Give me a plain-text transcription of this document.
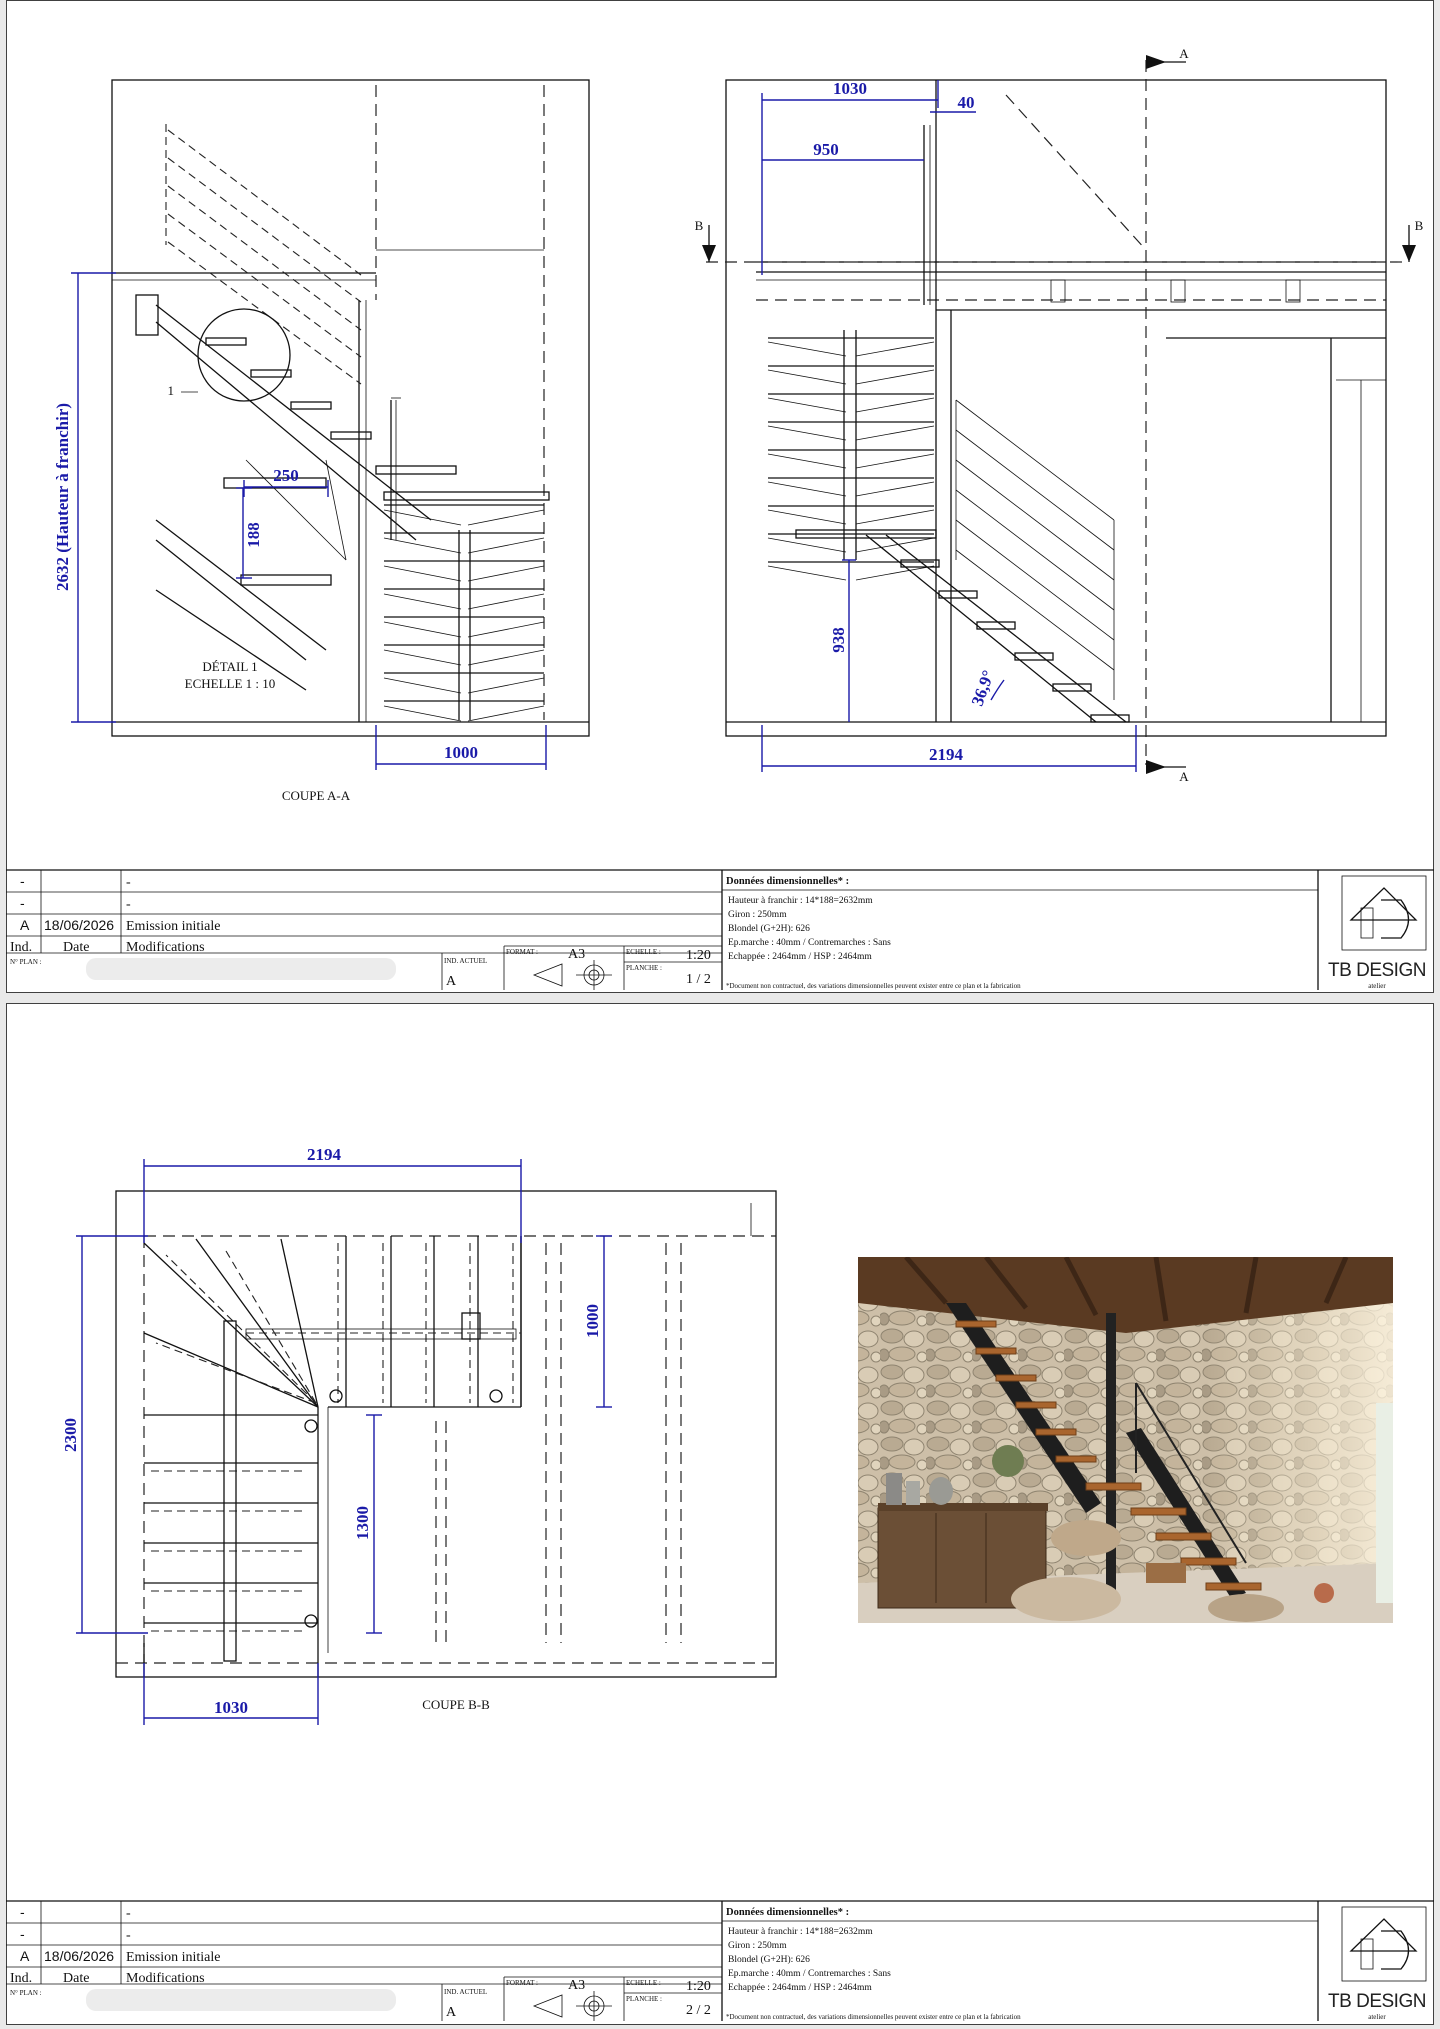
1
DÉTAIL 1
ECHELLE 1 : 10
250
188
2632 (Hauteur à franchir)
1000
COUPE A-A
A
A
B	B
1030
40
950
938
2194
36,9°
-	-
-	-
A 18/06/2026 Emission initiale
Ind. Date	Modifications
N° PLAN :	IND. ACTUEL
A
FORMAT : A3	ECHELLE : 1:20
PLANCHE :
1 / 2
Données dimensionnelles* :
Hauteur à franchir : 14*188=2632mm
Giron : 250mm
Blondel (G+2H): 626
Ep.marche : 40mm / Contremarches : Sans
Echappée : 2464mm / HSP : 2464mm
*Document non contractuel, des variations dimensionnelles peuvent exister entre ce plan et la fabrication
TB DESIGN
atelier
2194
2300
1000
1300
1030	COUPE B-B
-	-
-	-
A 18/06/2026 Emission initiale
Ind. Date	Modifications
N° PLAN :	IND. ACTUEL
A
FORMAT : A3	ECHELLE : 1:20
PLANCHE :
2 / 2
Données dimensionnelles* :
Hauteur à franchir : 14*188=2632mm
Giron : 250mm
Blondel (G+2H): 626
Ep.marche : 40mm / Contremarches : Sans
Echappée : 2464mm / HSP : 2464mm
*Document non contractuel, des variations dimensionnelles peuvent exister entre ce plan et la fabrication
TB DESIGN
atelier
